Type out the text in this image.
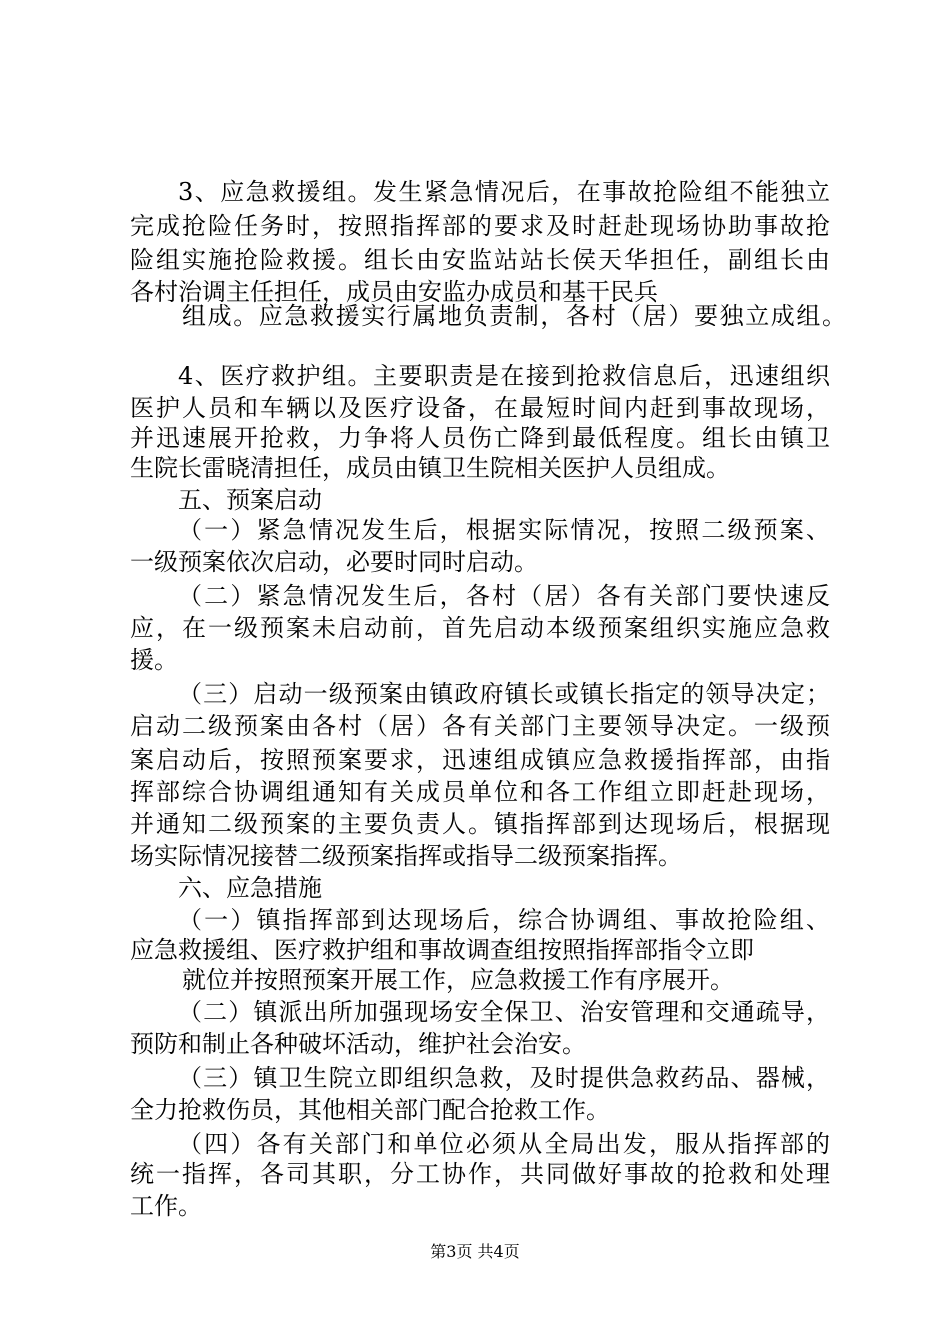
3、应急救援组。发生紧急情况后，在事故抢险组不能独立
完成抢险任务时，按照指挥部的要求及时赶赴现场协助事故抢
险组实施抢险救援。组长由安监站站长侯天华担任，副组长由
各村治调主任担任，成员由安监办成员和基干民兵
组成。应急救援实行属地负责制，各村（居）要独立成组。
4、医疗救护组。主要职责是在接到抢救信息后，迅速组织
医护人员和车辆以及医疗设备，在最短时间内赶到事故现场，
并迅速展开抢救，力争将人员伤亡降到最低程度。组长由镇卫
生院长雷晓清担任，成员由镇卫生院相关医护人员组成。
五、预案启动
（一）紧急情况发生后，根据实际情况，按照二级预案、
一级预案依次启动，必要时同时启动。
（二）紧急情况发生后，各村（居）各有关部门要快速反
应，在一级预案未启动前，首先启动本级预案组织实施应急救
援。
（三）启动一级预案由镇政府镇长或镇长指定的领导决定；
启动二级预案由各村（居）各有关部门主要领导决定。一级预
案启动后，按照预案要求，迅速组成镇应急救援指挥部，由指
挥部综合协调组通知有关成员单位和各工作组立即赶赴现场，
并通知二级预案的主要负责人。镇指挥部到达现场后，根据现
场实际情况接替二级预案指挥或指导二级预案指挥。
六、应急措施
（一）镇指挥部到达现场后，综合协调组、事故抢险组、
应急救援组、医疗救护组和事故调查组按照指挥部指令立即
就位并按照预案开展工作，应急救援工作有序展开。
（二）镇派出所加强现场安全保卫、治安管理和交通疏导，
预防和制止各种破坏活动，维护社会治安。
（三）镇卫生院立即组织急救，及时提供急救药品、器械，
全力抢救伤员，其他相关部门配合抢救工作。
（四）各有关部门和单位必须从全局出发，服从指挥部的
统一指挥，各司其职，分工协作，共同做好事故的抢救和处理
工作。
第3页 共4页
